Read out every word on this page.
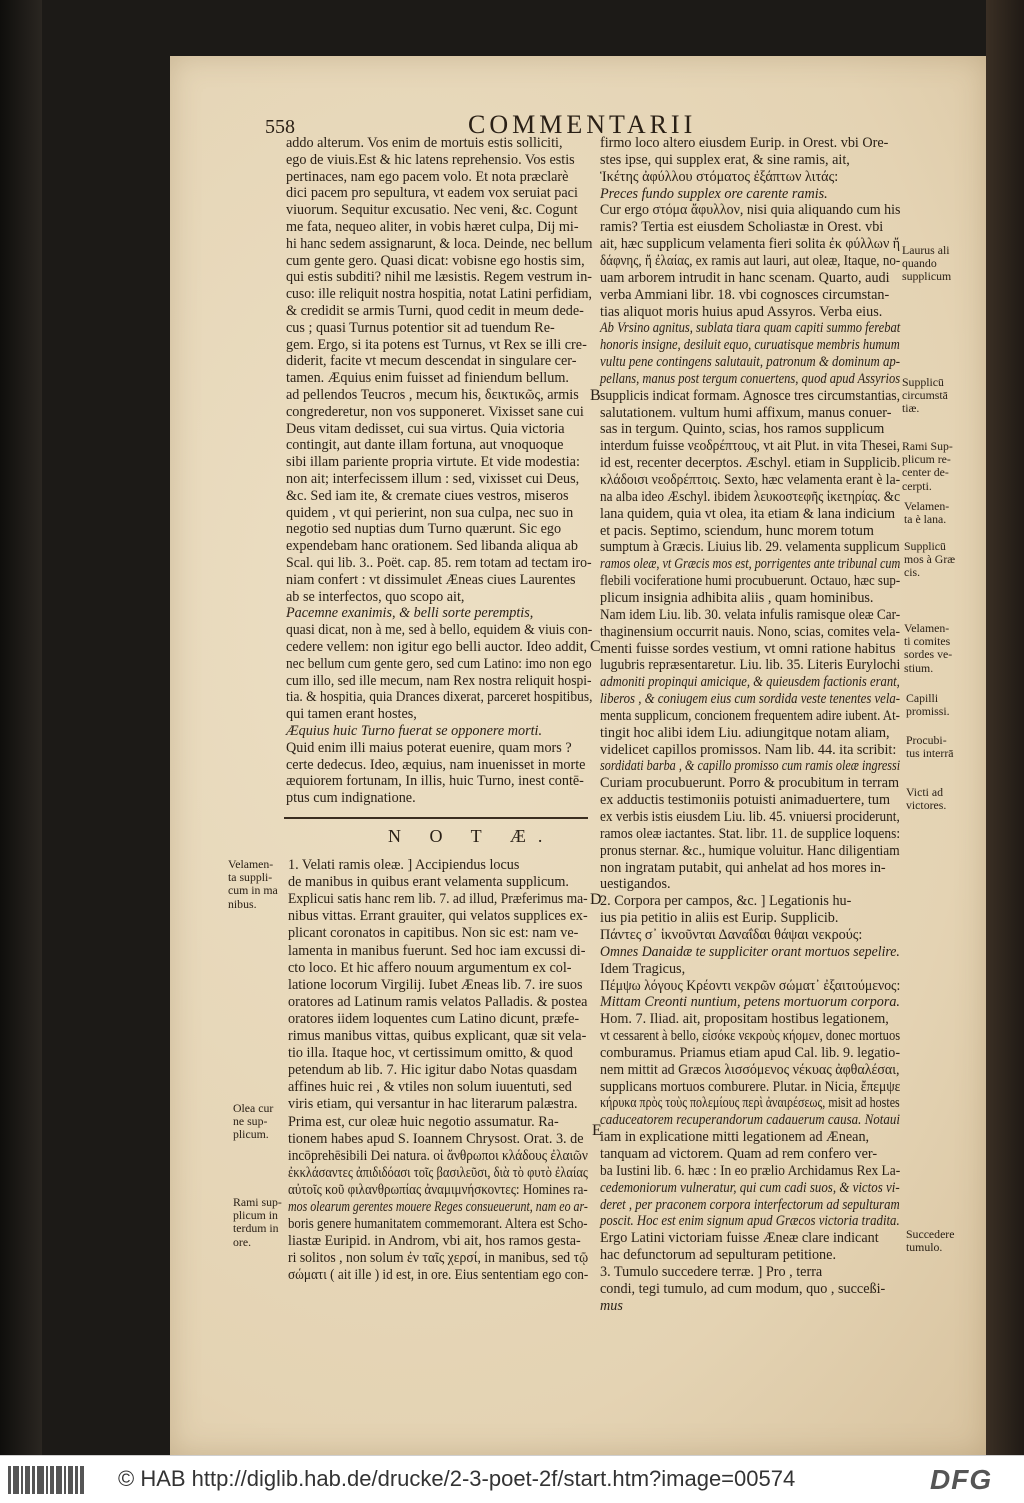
558	COMMENTARII
addo alterum. Vos enim de mortuis estis solliciti,
ego de viuis.Est & hic latens reprehensio. Vos estis
pertinaces, nam ego pacem volo. Et nota præclarè
dici pacem pro sepultura, vt eadem vox seruiat paci
viuorum. Sequitur excusatio. Nec veni, &c. Cogunt
me fata, nequeo aliter, in vobis hæret culpa, Dij mi-
hi hanc sedem assignarunt, & loca. Deinde, nec bellum
cum gente gero. Quasi dicat: vobisne ego hostis sim,
qui estis subditi? nihil me læsistis. Regem vestrum in-
cuso: ille reliquit nostra hospitia, notat Latini perfidiam,
& credidit se armis Turni, quod cedit in meum dede-
cus ; quasi Turnus potentior sit ad tuendum Re-
gem. Ergo, si ita potens est Turnus, vt Rex se illi cre-
diderit, facite vt mecum descendat in singulare cer-
tamen. Æquius enim fuisset ad finiendum bellum.
ad pellendos Teucros , mecum his, δεικτικῶς, armis
congrederetur, non vos supponeret. Vixisset sane cui
Deus vitam dedisset, cui sua virtus. Quia victoria
contingit, aut dante illam fortuna, aut vnoquoque
sibi illam pariente propria virtute. Et vide modestia:
non ait; interfecissem illum : sed, vixisset cui Deus,
&c. Sed iam ite, & cremate ciues vestros, miseros
quidem , vt qui perierint, non sua culpa, nec suo in
negotio sed nuptias dum Turno quærunt. Sic ego
expendebam hanc orationem. Sed libanda aliqua ab
Scal. qui lib. 3.. Poët. cap. 85. rem totam ad tectam iro-
niam confert : vt dissimulet Æneas ciues Laurentes
ab se interfectos, quo scopo ait,
Pacemne exanimis, & belli sorte peremptis,
quasi dicat, non à me, sed à bello, equidem & viuis con-
cedere vellem: non igitur ego belli auctor. Ideo addit,
nec bellum cum gente gero, sed cum Latino: imo non ego
cum illo, sed ille mecum, nam Rex nostra reliquit hospi-
tia. & hospitia, quia Drances dixerat, parceret hospitibus,
qui tamen erant hostes,
Æquius huic Turno fuerat se opponere morti.
Quid enim illi maius poterat euenire, quam mors ?
certe dedecus. Ideo, æquius, nam inuenisset in morte
æquiorem fortunam, In illis, huic Turno, inest contē-
ptus cum indignatione.
N O T Æ.
1. Velati ramis oleæ. ] Accipiendus locus
de manibus in quibus erant velamenta supplicum.
Explicui satis hanc rem lib. 7. ad illud, Præferimus ma-
nibus vittas. Errant grauiter, qui velatos supplices ex-
plicant coronatos in capitibus. Non sic est: nam ve-
lamenta in manibus fuerunt. Sed hoc iam excussi di-
cto loco. Et hic affero nouum argumentum ex col-
latione locorum Virgilij. Iubet Æneas lib. 7. ire suos
oratores ad Latinum ramis velatos Palladis. & postea
oratores iidem loquentes cum Latino dicunt, præfe-
rimus manibus vittas, quibus explicant, quæ sit vela-
tio illa. Itaque hoc, vt certissimum omitto, & quod
petendum ab lib. 7. Hic igitur dabo Notas quasdam
affines huic rei , & vtiles non solum iuuentuti, sed
viris etiam, qui versantur in hac literarum palæstra.
Prima est, cur oleæ huic negotio assumatur. Ra-
tionem habes apud S. Ioannem Chrysost. Orat. 3. de
incōprehēsibili Dei natura. οἱ ἄνθρωποι κλάδους ἐλαιῶν
ἐκκλάσαντες ἀπιδιδόασι τοῖς βασιλεῦσι, διὰ τὸ φυτὸ ἐλαίας
αὐτοῖς κοῦ φιλανθρωπίας ἀναμιμνήσκοντες: Homines ra-
mos olearum gerentes mouere Reges consueuerunt, nam eo ar-
boris genere humanitatem commemorant. Altera est Scho-
liastæ Euripid. in Androm, vbi ait, hos ramos gesta-
ri solitos , non solum ἐν ταῖς χερσί, in manibus, sed τῷ
σώματι ( ait ille ) id est, in ore. Eius sententiam ego con-
firmo loco altero eiusdem Eurip. in Orest. vbi Ore-
stes ipse, qui supplex erat, & sine ramis, ait,
Ἱκέτης ἀφύλλου στόματος ἐξάπτων λιτάς:
Preces fundo supplex ore carente ramis.
Cur ergo στόμα ἄφυλλον, nisi quia aliquando cum his
ramis? Tertia est eiusdem Scholiastæ in Orest. vbi
ait, hæc supplicum velamenta fieri solita ἐκ φύλλων ἤ
δάφνης, ἤ ἐλαίας, ex ramis aut lauri, aut oleæ, Itaque, no-
uam arborem intrudit in hanc scenam. Quarto, audi
verba Ammiani libr. 18. vbi cognosces circumstan-
tias aliquot moris huius apud Assyros. Verba eius.
Ab Vrsino agnitus, sublata tiara quam capiti summo ferebat
honoris insigne, desiluit equo, curuatisque membris humum
vultu pene contingens salutauit, patronum & dominum ap-
pellans, manus post tergum conuertens, quod apud Assyrios
supplicis indicat formam. Agnosce tres circumstantias,
salutationem. vultum humi affixum, manus conuer-
sas in tergum. Quinto, scias, hos ramos supplicum
interdum fuisse νεοδρέπτους, vt ait Plut. in vita Thesei,
id est, recenter decerptos. Æschyl. etiam in Supplicib.
κλάδοισι νεοδρέπτοις. Sexto, hæc velamenta erant è la-
na alba ideo Æschyl. ibidem λευκοστεφῆς ἱκετηρίας. &c
lana quidem, quia vt olea, ita etiam & lana indicium
et pacis. Septimo, sciendum, hunc morem totum
sumptum à Græcis. Liuius lib. 29. velamenta supplicum
ramos oleæ, vt Græcis mos est, porrigentes ante tribunal cum
flebili vociferatione humi procubuerunt. Octauo, hæc sup-
plicum insignia adhibita aliis , quam hominibus.
Nam idem Liu. lib. 30. velata infulis ramisque oleæ Car-
thaginensium occurrit nauis. Nono, scias, comites vela-
menti fuisse sordes vestium, vt omni ratione habitus
lugubris repræsentaretur. Liu. lib. 35. Literis Eurylochi
admoniti propinqui amicique, & quieusdem factionis erant,
liberos , & coniugem eius cum sordida veste tenentes vela-
menta supplicum, concionem frequentem adire iubent. At-
tingit hoc alibi idem Liu. adiungitque notam aliam,
videlicet capillos promissos. Nam lib. 44. ita scribit:
sordidati barba , & capillo promisso cum ramis oleæ ingressi
Curiam procubuerunt. Porro & procubitum in terram
ex adductis testimoniis potuisti animaduertere, tum
ex verbis istis eiusdem Liu. lib. 45. vniuersi prociderunt,
ramos oleæ iactantes. Stat. libr. 11. de supplice loquens:
pronus sternar. &c., humique voluitur. Hanc diligentiam
non ingratam putabit, qui anhelat ad hos mores in-
uestigandos.
2. Corpora per campos, &c. ] Legationis hu-
ius pia petitio in aliis est Eurip. Supplicib.
Πάντες σ᾽ ἱκνοῦνται Δαναΐδαι θάψαι νεκρούς:
Omnes Danaidæ te suppliciter orant mortuos sepelire.
Idem Tragicus,
Πέμψω λόγους Κρέοντι νεκρῶν σώματ᾽ ἐξαιτούμενος:
Mittam Creonti nuntium, petens mortuorum corpora.
Hom. 7. Iliad. ait, propositam hostibus legationem,
vt cessarent à bello, εἰσόκε νεκροὺς κήομεν, donec mortuos
comburamus. Priamus etiam apud Cal. lib. 9. legatio-
nem mittit ad Græcos λισσόμενος νέκυας ἀφθαλέσαι,
supplicans mortuos comburere. Plutar. in Nicia, ἔπεμψε
κήρυκα πρὸς τοὺς πολεμίους περὶ ἀναιρέσεως, misit ad hostes
caduceatorem recuperandorum cadauerum causa. Notaui
iam in explicatione mitti legationem ad Ænean,
tanquam ad victorem. Quam ad rem confero ver-
ba Iustini lib. 6. hæc : In eo prælio Archidamus Rex La-
cedemoniorum vulneratur, qui cum cadi suos, & victos vi-
deret , per praconem corpora interfectorum ad sepulturam
poscit. Hoc est enim signum apud Græcos victoria tradita.
Ergo Latini victoriam fuisse Æneæ clare indicant
hac defunctorum ad sepulturam petitione.
3. Tumulo succedere terræ. ] Pro , terra
condi, tegi tumulo, ad cum modum, quo , succeßi-
mus
B
C
D
E
Velamen-
ta suppli-
cum in ma
nibus.
Olea cur
ne sup-
plicum.
Rami sup-
plicum in
terdum in
ore.
Laurus ali
quando
supplicum
Supplicū
circumstā
tiæ.
Rami Sup-
plicum re-
center de-
cerpti.
Velamen-
ta è lana.
Supplicū
mos à Græ
cis.
Velamen-
ti comites
sordes ve-
stium.
Capilli
promissi.
Procubi-
tus interrā
Victi ad
victores.
Succedere
tumulo.
© HAB http://diglib.hab.de/drucke/2-3-poet-2f/start.htm?image=00574	DFG
